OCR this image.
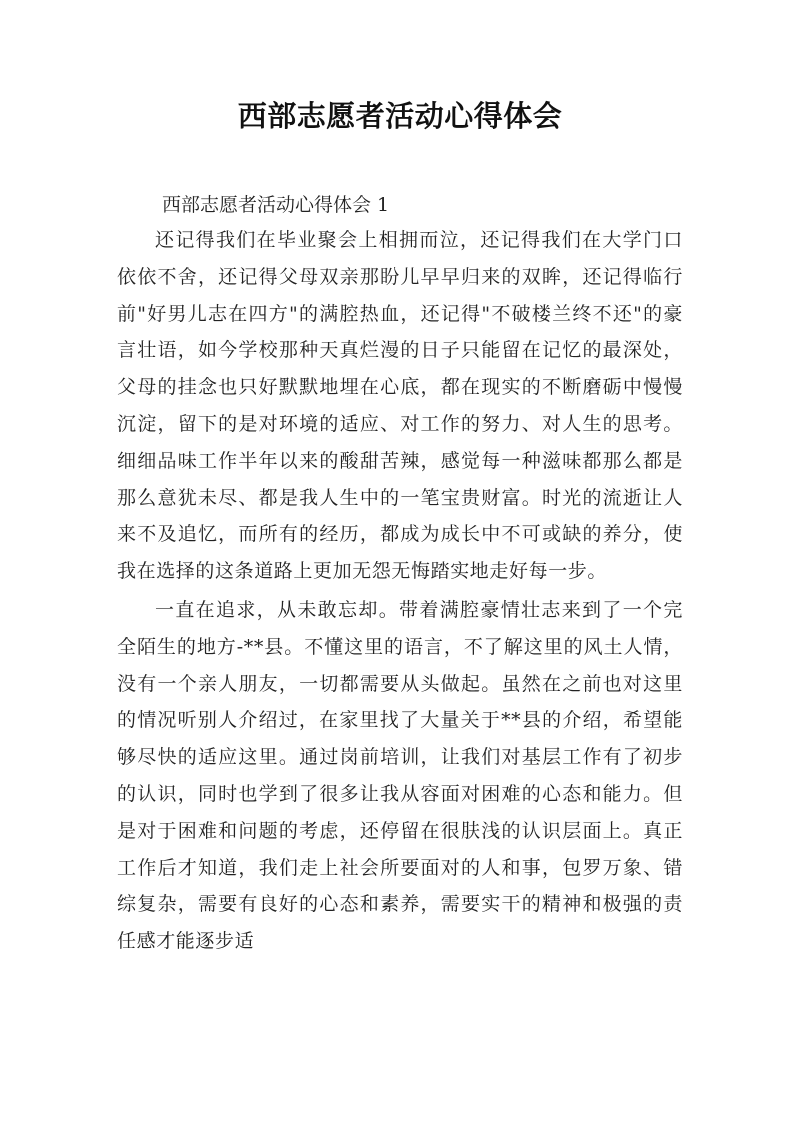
西部志愿者活动心得体会
西部志愿者活动心得体会 1

还记得我们在毕业聚会上相拥而泣，还记得我们在大学门口依依不舍，还记得父母双亲那盼儿早早归来的双眸，还记得临行前"好男儿志在四方"的满腔热血，还记得"不破楼兰终不还"的豪言壮语，如今学校那种天真烂漫的日子只能留在记忆的最深处，父母的挂念也只好默默地埋在心底，都在现实的不断磨砺中慢慢沉淀，留下的是对环境的适应、对工作的努力、对人生的思考。细细品味工作半年以来的酸甜苦辣，感觉每一种滋味都那么都是那么意犹未尽、都是我人生中的一笔宝贵财富。时光的流逝让人来不及追忆，而所有的经历，都成为成长中不可或缺的养分，使我在选择的这条道路上更加无怨无悔踏实地走好每一步。

一直在追求，从未敢忘却。带着满腔豪情壮志来到了一个完全陌生的地方-**县。不懂这里的语言，不了解这里的风土人情，没有一个亲人朋友，一切都需要从头做起。虽然在之前也对这里的情况听别人介绍过，在家里找了大量关于**县的介绍，希望能够尽快的适应这里。通过岗前培训，让我们对基层工作有了初步的认识，同时也学到了很多让我从容面对困难的心态和能力。但是对于困难和问题的考虑，还停留在很肤浅的认识层面上。真正工作后才知道，我们走上社会所要面对的人和事，包罗万象、错综复杂，需要有良好的心态和素养，需要实干的精神和极强的责任感才能逐步适
